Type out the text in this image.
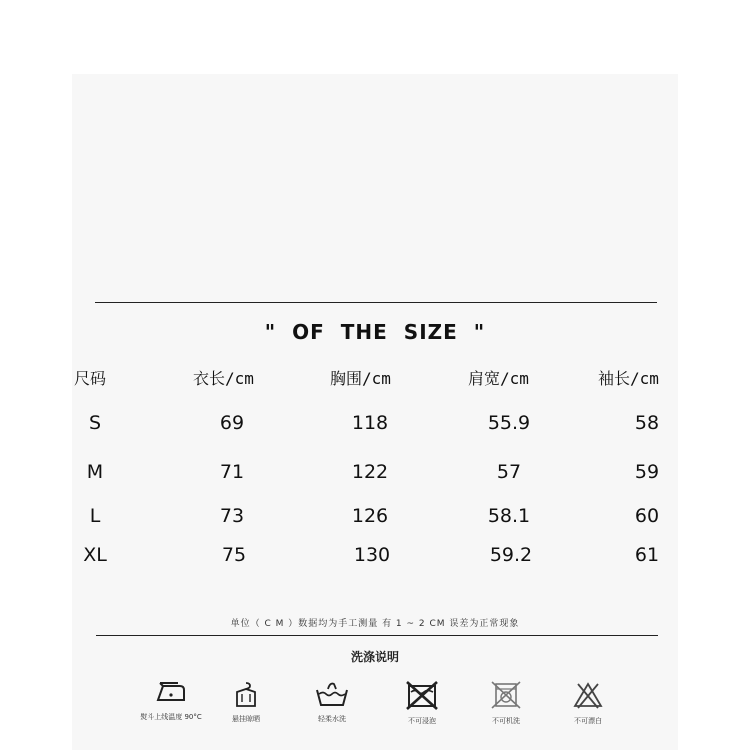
" OF THE SIZE "
尺码	衣长/cm	胸围/cm	肩宽/cm	袖长/cm
S	69	118	55.9	58
M	71	122	57	59
L	73	126	58.1	60
XL	75	130	59.2	61
单位（ C M ）数据均为手工测量 有 1 ~ 2 CM 误差为正常现象
洗涤说明
熨斗上线温度 90°C	悬挂晾晒	轻柔水洗	不可浸泡	不可机洗	不可漂白
